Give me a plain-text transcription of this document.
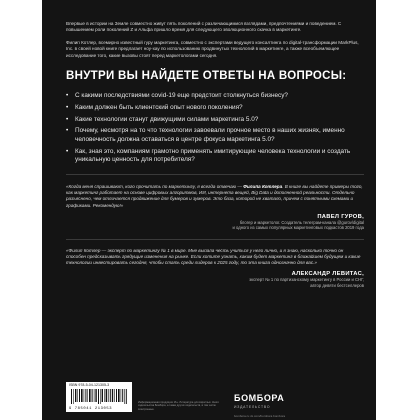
Впервые в истории на Земле совместно живут пять поколений с различающимися взглядами, предпочтениями и поведением. С повышением роли поколений Z и Альфа пришло время для следующего эволюционного скачка в маркетинге.

Филип Котлер, всемирно известный гуру маркетинга, совместно с экспертами ведущего консалтинга по digital-трансформации MarkPlus, Inc. в своей новой книге предлагает ноу-хау по использованию продвинутых технологий в маркетинге, а также всеобъемлющее исследование того, какие вызовы стоят перед маркетологами сегодня.

ВНУТРИ ВЫ НАЙДЕТЕ ОТВЕТЫ НА ВОПРОСЫ:
• С какими последствиями covid-19 еще предстоит столкнуться бизнесу?
• Каким должен быть клиентский опыт нового поколения?
• Какие технологии станут движущими силами маркетинга 5.0?
• Почему, несмотря на то что технологии завоевали прочное место в наших жизнях, именно человечность должна оставаться в центре фокуса маркетинга 5.0?
• Как, зная это, компаниям грамотно применять имитирующие человека технологии и создать уникальную ценность для потребителя?

«Когда меня спрашивают, кого прочитать по маркетингу, я всегда отвечаю — Филипа Котлера. В книге вы найдете примеры того, как маркетинг работает на основе цифровых алгоритмов, ИИ, интернета вещей, Big Data и дополненной реальности. Отдельно разъяснено, чем отличается продвижение для бумеров и зумеров. Это база, которой не хватало, причем с понятными схемами и графиками. Рекомендую!»

ПАВЕЛ ГУРОВ,
блогер и маркетолог. Создатель телеграм-канала @gurov/digital
и одного из самых популярных маркетинговых подкастов 2019 года

«Филип Котлер — эксперт по маркетингу № 1 в мире. Мне выпала честь учиться у него лично, и я знаю, насколько точно он способен предсказывать грядущие изменения на рынке. Если хотите узнать, каким будет маркетинг в ближайшем будущем и какие технологии инвестировать сегодня, чтобы стать среди лидеров к 2025 году, то эта книга однозначно для вас.»

АЛЕКСАНДР ЛЕВИТАС,
эксперт № 1 по партизанскому маркетингу в России и СНГ,
автор девяти бестселлеров
ISBN 978-5-04-121305-3
9 785041 213053
Информационная продукция 16+. Литература для взрослых. Книги издательства Бомбора, а также других издательств, в том числе электронные.
БОМБОРА
ИЗДАТЕЛЬСТВО
bombora.ru vk.com/bombora bombora
